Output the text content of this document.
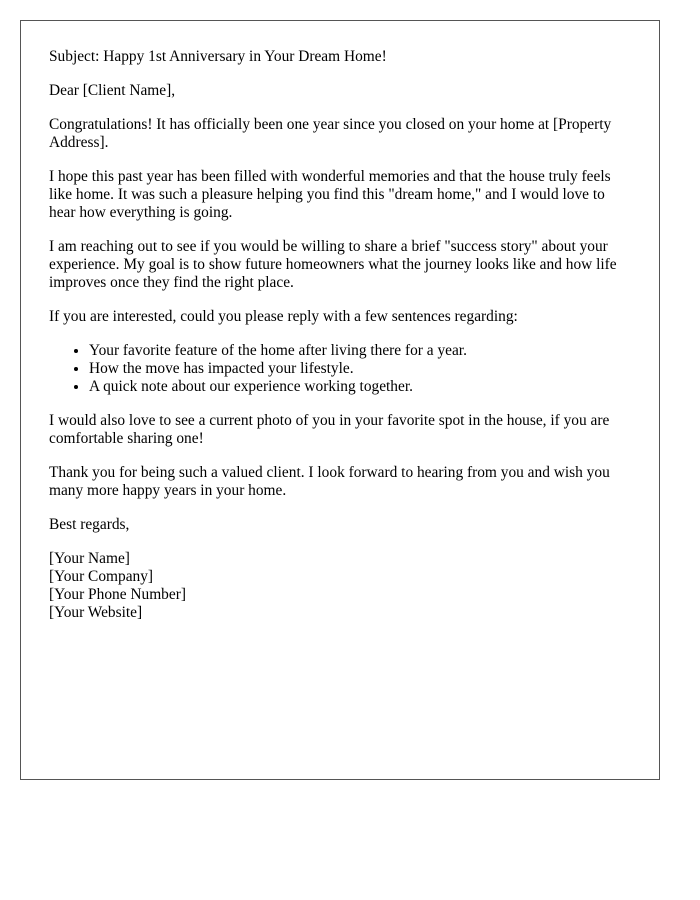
Subject: Happy 1st Anniversary in Your Dream Home!

Dear [Client Name],

Congratulations! It has officially been one year since you closed on your home at [Property Address].

I hope this past year has been filled with wonderful memories and that the house truly feels like home. It was such a pleasure helping you find this "dream home," and I would love to hear how everything is going.

I am reaching out to see if you would be willing to share a brief "success story" about your experience. My goal is to show future homeowners what the journey looks like and how life improves once they find the right place.

If you are interested, could you please reply with a few sentences regarding:

• Your favorite feature of the home after living there for a year.
• How the move has impacted your lifestyle.
• A quick note about our experience working together.

I would also love to see a current photo of you in your favorite spot in the house, if you are comfortable sharing one!

Thank you for being such a valued client. I look forward to hearing from you and wish you many more happy years in your home.

Best regards,

[Your Name]
[Your Company]
[Your Phone Number]
[Your Website]
